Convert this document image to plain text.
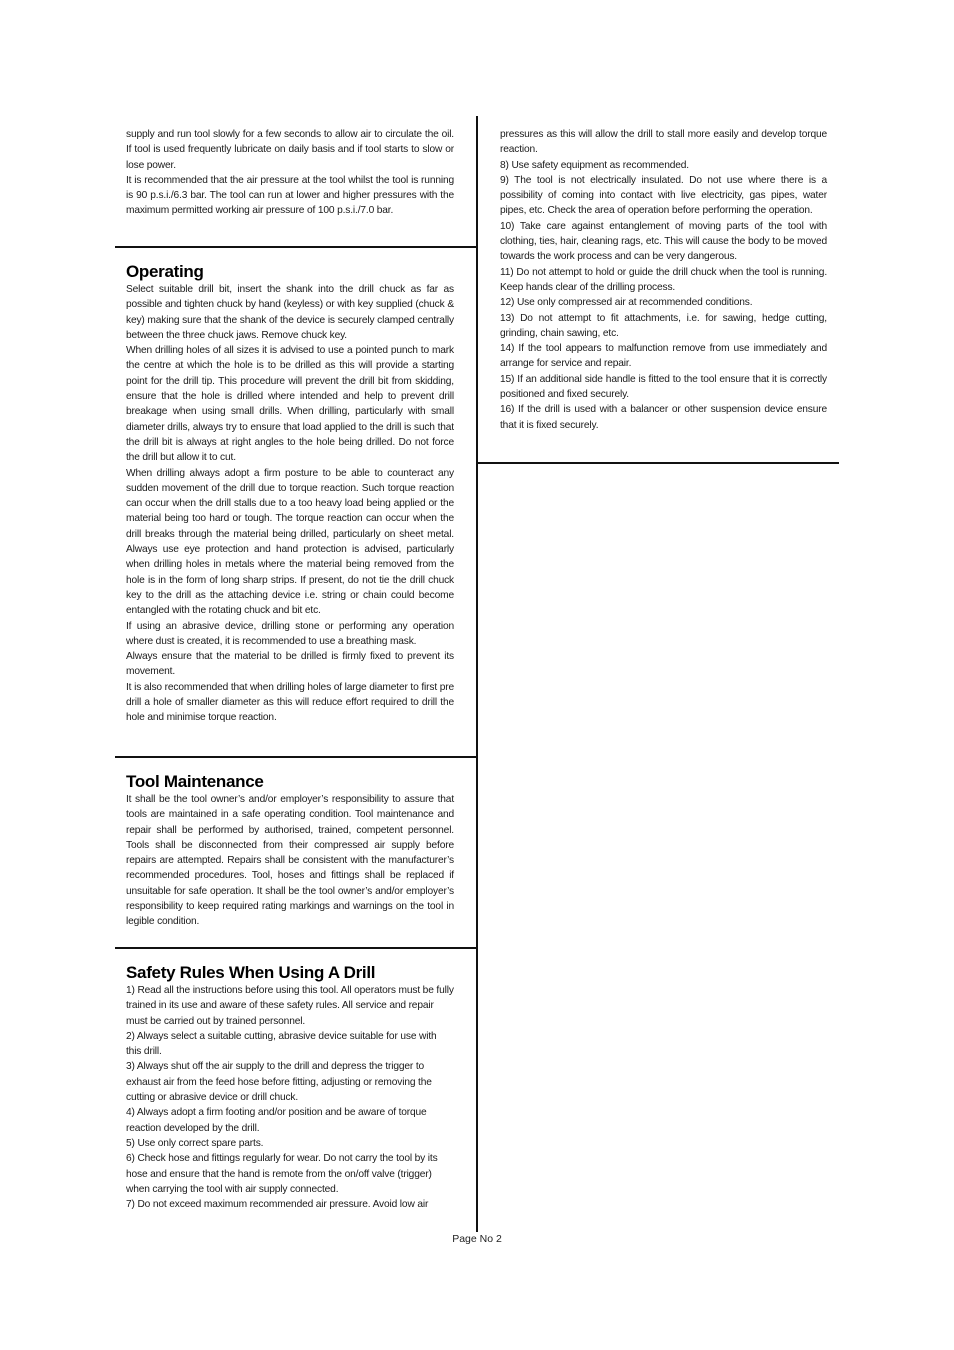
supply and run tool slowly for a few seconds to allow air to circulate the oil. If tool is used frequently lubricate on daily basis and if tool starts to slow or lose power.

It is recommended that the air pressure at the tool whilst the tool is running is 90 p.s.i./6.3 bar. The tool can run at lower and higher pressures with the maximum permitted working air pressure of 100 p.s.i./7.0 bar.

Operating

Select suitable drill bit, insert the shank into the drill chuck as far as possible and tighten chuck by hand (keyless) or with key supplied (chuck & key) making sure that the shank of the device is securely clamped centrally between the three chuck jaws. Remove chuck key.

When drilling holes of all sizes it is advised to use a pointed punch to mark the centre at which the hole is to be drilled as this will provide a starting point for the drill tip. This procedure will prevent the drill bit from skidding, ensure that the hole is drilled where intended and help to prevent drill breakage when using small drills. When drilling, particularly with small diameter drills, always try to ensure that load applied to the drill is such that the drill bit is always at right angles to the hole being drilled. Do not force the drill but allow it to cut.

When drilling always adopt a firm posture to be able to counteract any sudden movement of the drill due to torque reaction. Such torque reaction can occur when the drill stalls due to a too heavy load being applied or the material being too hard or tough. The torque reaction can occur when the drill breaks through the material being drilled, particularly on sheet metal. Always use eye protection and hand protection is advised, particularly when drilling holes in metals where the material being removed from the hole is in the form of long sharp strips. If present, do not tie the drill chuck key to the drill as the attaching device i.e. string or chain could become entangled with the rotating chuck and bit etc.

If using an abrasive device, drilling stone or performing any operation where dust is created, it is recommended to use a breathing mask.

Always ensure that the material to be drilled is firmly fixed to prevent its movement.

It is also recommended that when drilling holes of large diameter to first pre drill a hole of smaller diameter as this will reduce effort required to drill the hole and minimise torque reaction.

Tool Maintenance

It shall be the tool owner’s and/or employer’s responsibility to assure that tools are maintained in a safe operating condition. Tool maintenance and repair shall be performed by authorised, trained, competent personnel. Tools shall be disconnected from their compressed air supply before repairs are attempted. Repairs shall be consistent with the manufacturer’s recommended procedures. Tool, hoses and fittings shall be replaced if unsuitable for safe operation. It shall be the tool owner’s and/or employer’s responsibility to keep required rating markings and warnings on the tool in legible condition.

Safety Rules When Using A Drill

1) Read all the instructions before using this tool. All operators must be fully trained in its use and aware of these safety rules. All service and repair must be carried out by trained personnel.

2) Always select a suitable cutting, abrasive device suitable for use with this drill.

3) Always shut off the air supply to the drill and depress the trigger to exhaust air from the feed hose before fitting, adjusting or removing the cutting or abrasive device or drill chuck.

4) Always adopt a firm footing and/or position and be aware of torque reaction developed by the drill.

5) Use only correct spare parts.

6) Check hose and fittings regularly for wear. Do not carry the tool by its hose and ensure that the hand is remote from the on/off valve (trigger) when carrying the tool with air supply connected.

7) Do not exceed maximum recommended air pressure. Avoid low air

pressures as this will allow the drill to stall more easily and develop torque reaction.

8) Use safety equipment as recommended.

9) The tool is not electrically insulated. Do not use where there is a possibility of coming into contact with live electricity, gas pipes, water pipes, etc. Check the area of operation before performing the operation.

10) Take care against entanglement of moving parts of the tool with clothing, ties, hair, cleaning rags, etc. This will cause the body to be moved towards the work process and can be very dangerous.

11) Do not attempt to hold or guide the drill chuck when the tool is running. Keep hands clear of the drilling process.

12) Use only compressed air at recommended conditions.

13) Do not attempt to fit attachments, i.e. for sawing, hedge cutting, grinding, chain sawing, etc.

14) If the tool appears to malfunction remove from use immediately and arrange for service and repair.

15) If an additional side handle is fitted to the tool ensure that it is correctly positioned and fixed securely.

16) If the drill is used with a balancer or other suspension device ensure that it is fixed securely.

Page No 2
